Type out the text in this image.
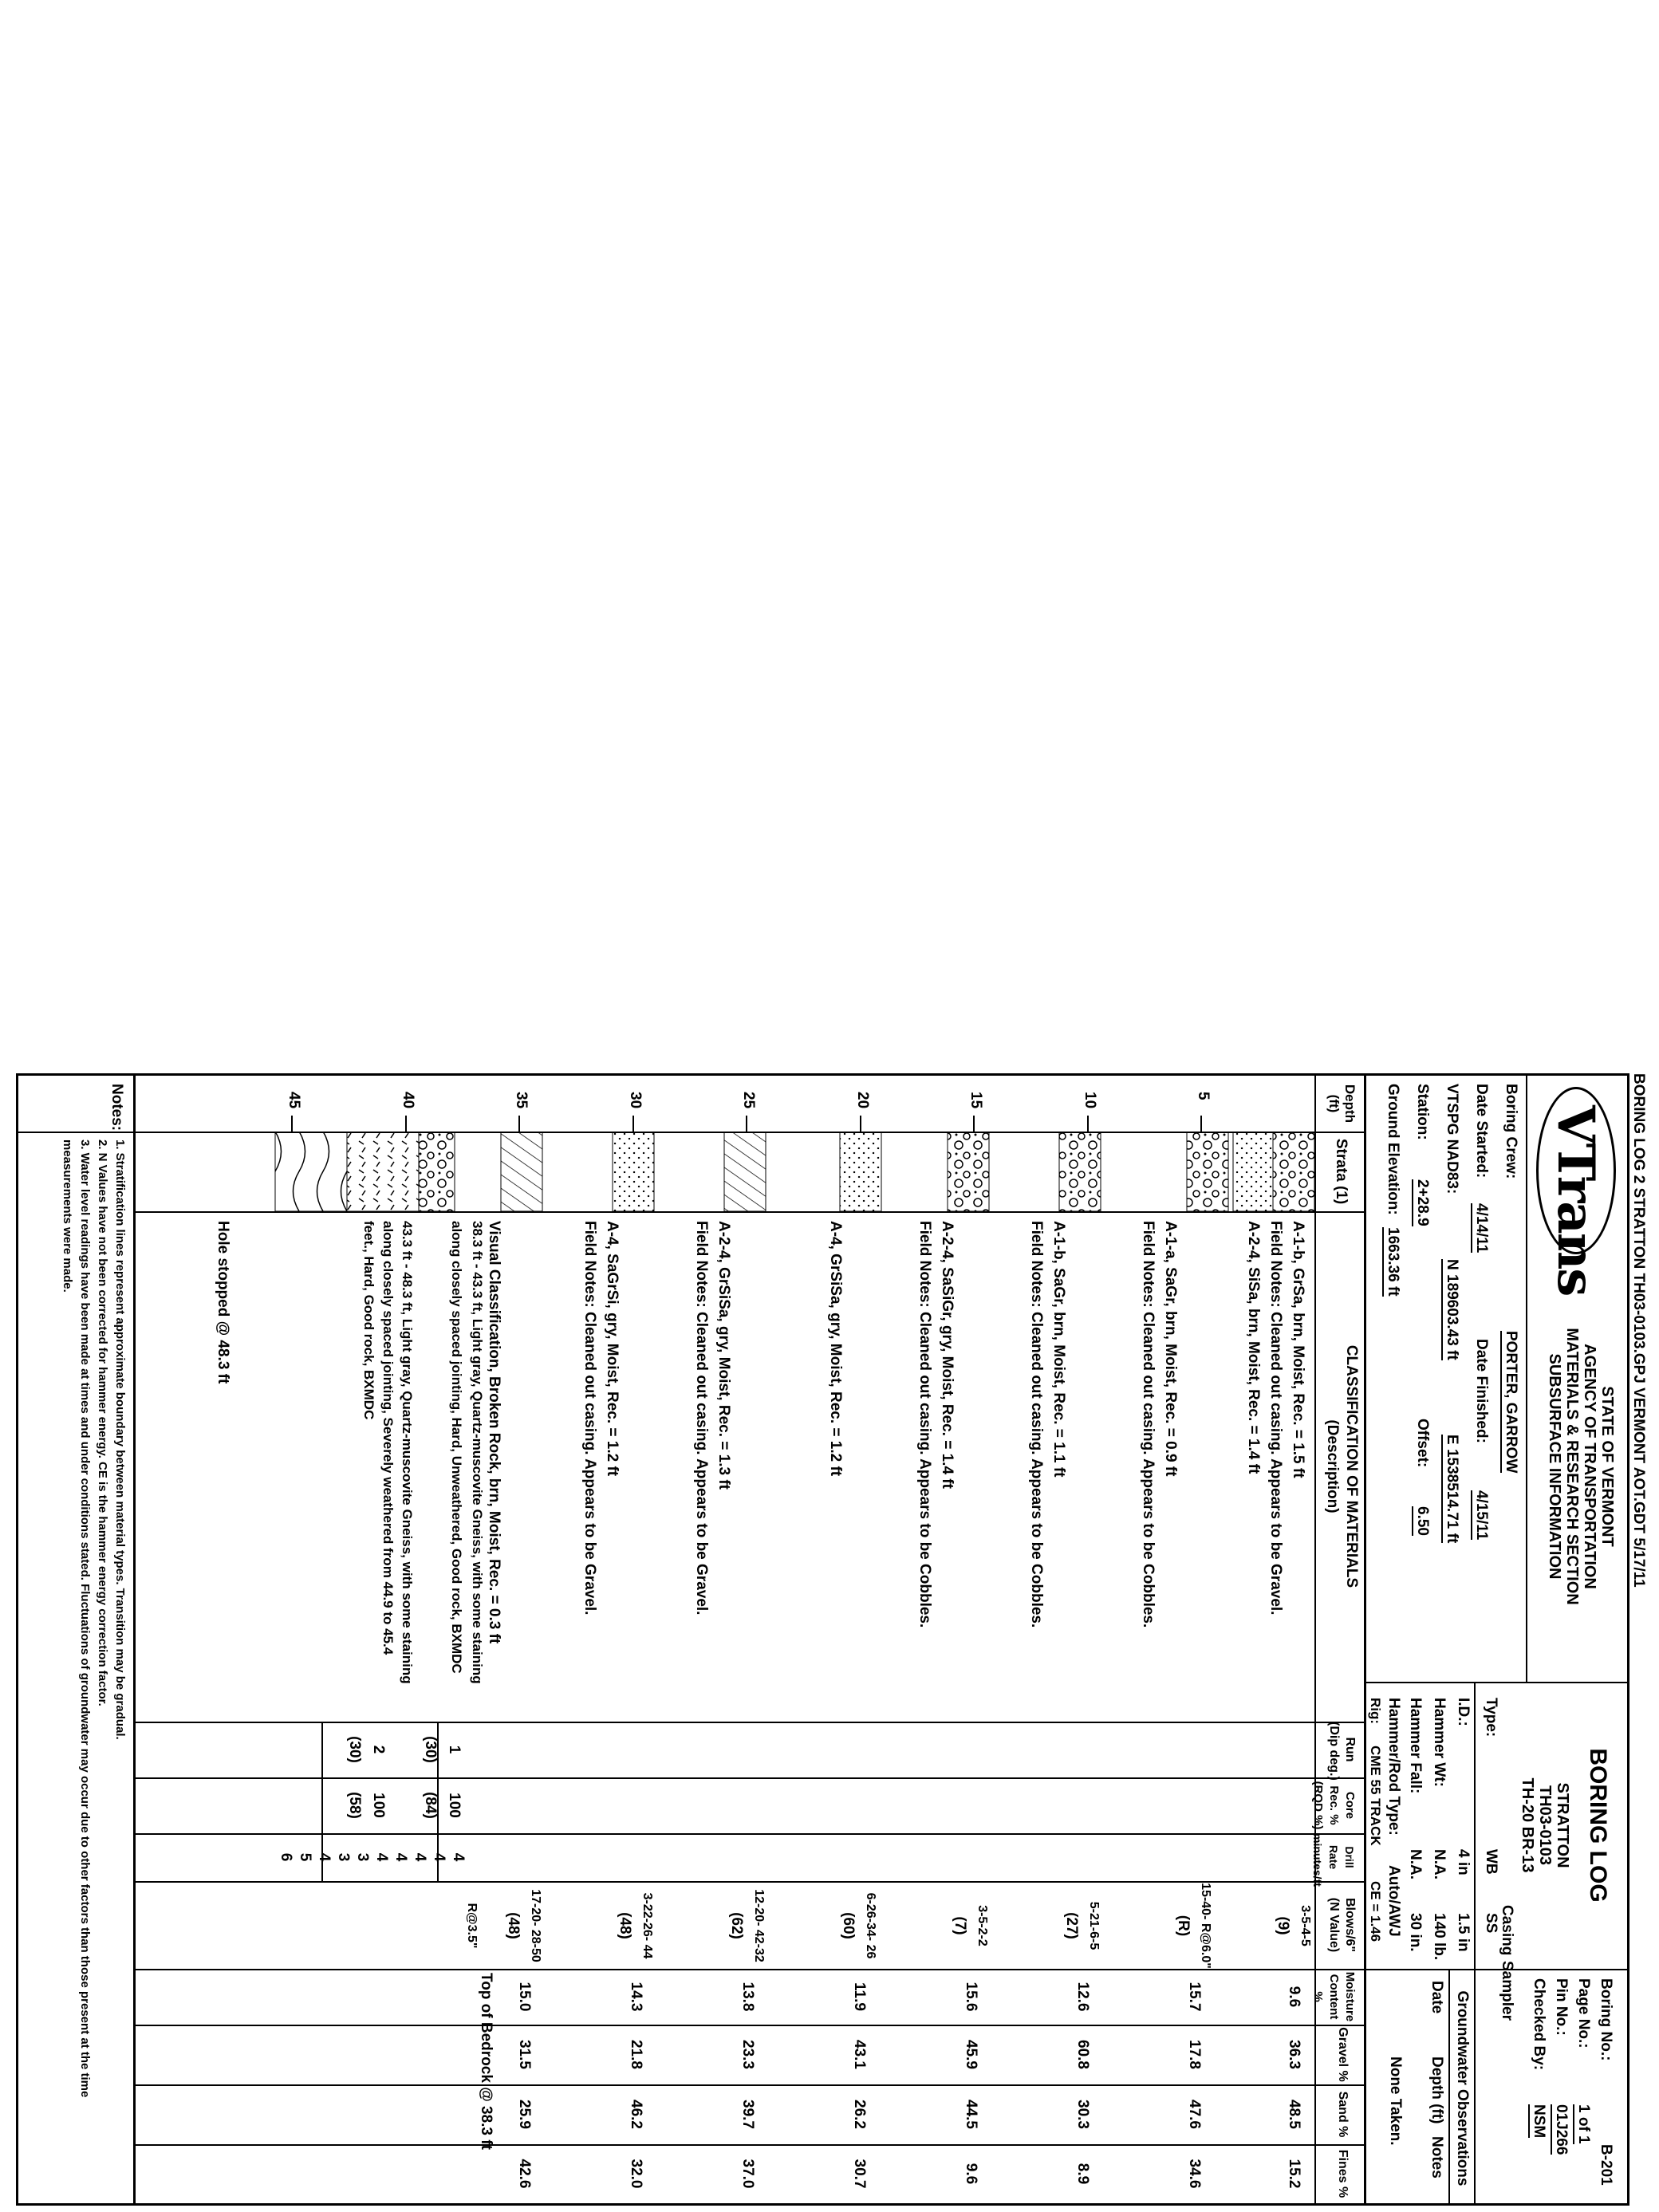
BORING LOG 2 STRATTON TH03-0103.GPJ VERMONT AOT.GDT 5/17/11
VTrans
STATE OF VERMONT
AGENCY OF TRANSPORTATION
MATERIALS & RESEARCH SECTION
SUBSURFACE INFORMATION
BORING LOG
STRATTON
TH03-0103
TH-20 BR-13
Boring No.:
B-201
Page No.:
1 of 1
Pin No.:
01J266
Checked By:
NSM
Boring Crew:
PORTER, GARROW
Date Started:
4/14/11
Date Finished:
4/15/11
VTSPG NAD83:
N 189603.43 ft
E 1538514.71 ft
Station:
2+28.9
Offset:
6.50
Ground Elevation:
1663.36 ft
Casing
Sampler
Type:
WB
SS
I.D.:
4 in
1.5 in
Hammer Wt:
N.A.
140 lb.
Hammer Fall:
N.A.
30 in.
Hammer/Rod Type:
Auto/AWJ
Rig:
CME 55 TRACK
CE = 1.46
Groundwater Observations
Date
Depth (ft)
Notes
None Taken.
Depth (ft)
Strata (1)
CLASSIFICATION OF MATERIALS
(Description)
Run
(Dip deg.)
Core Rec. %
(RQD %)
Drill Rate
minutes/ft
Blows/6"
(N Value)
Moisture
Content %
Gravel %
Sand %
Fines %
5
10
15
20
25
30
35
40
45
A-1-b, GrSa, brn, Moist, Rec. = 1.5 ft
Field Notes: Cleaned out casing. Appears to be Gravel.
A-2-4, SiSa, brn, Moist, Rec. = 1.4 ft
A-1-a, SaGr, brn, Moist, Rec. = 0.9 ft
Field Notes: Cleaned out casing. Appears to be Cobbles.
A-1-b, SaGr, brn, Moist, Rec. = 1.1 ft
Field Notes: Cleaned out casing. Appears to be Cobbles.
A-2-4, SaSiGr, gry, Moist, Rec. = 1.4 ft
Field Notes: Cleaned out casing. Appears to be Cobbles.
A-4, GrSiSa, gry, Moist, Rec. = 1.2 ft
A-2-4, GrSiSa, gry, Moist, Rec. = 1.3 ft
Field Notes: Cleaned out casing. Appears to be Gravel.
A-4, SaGrSi, gry, Moist, Rec. = 1.2 ft
Field Notes: Cleaned out casing. Appears to be Gravel.
Visual Classification, Broken Rock, brn, Moist, Rec. = 0.3 ft
38.3 ft - 43.3 ft, Light gray, Quartz-muscovite Gneiss, with some staining
along closely spaced jointing, Hard, Unweathered, Good rock, BXMDC
43.3 ft - 48.3 ft, Light gray, Quartz-muscovite Gneiss, with some staining
along closely spaced jointing, Severely weathered from 44.9 to 45.4
feet., Hard, Good rock, BXMDC
Hole stopped @ 48.3 ft
1
(30)
100
(84)
2
(30)
100
(58)
4
4
4
4
4
3
3
4
5
6
3-5-4-5
(9)
9.6
36.3
48.5
15.2
15-40- R@6.0"
(R)
15.7
17.8
47.6
34.6
5-21-6-5
(27)
12.6
60.8
30.3
8.9
3-5-2-2
(7)
15.6
45.9
44.5
9.6
6-26-34- 26
(60)
11.9
43.1
26.2
30.7
12-20- 42-32
(62)
13.8
23.3
39.7
37.0
3-22-26- 44
(48)
14.3
21.8
46.2
32.0
17-20- 28-50
(48)
15.0
31.5
25.9
42.6
R@3.5"
Top of Bedrock @ 38.3 ft
Notes:
1. Stratification lines represent approximate boundary between material types. Transition may be gradual.
2. N Values have not been corrected for hammer energy. CE is the hammer energy correction factor.
3. Water level readings have been made at times and under conditions stated. Fluctuations of groundwater may occur due to other factors than those present at the time
measurements were made.
